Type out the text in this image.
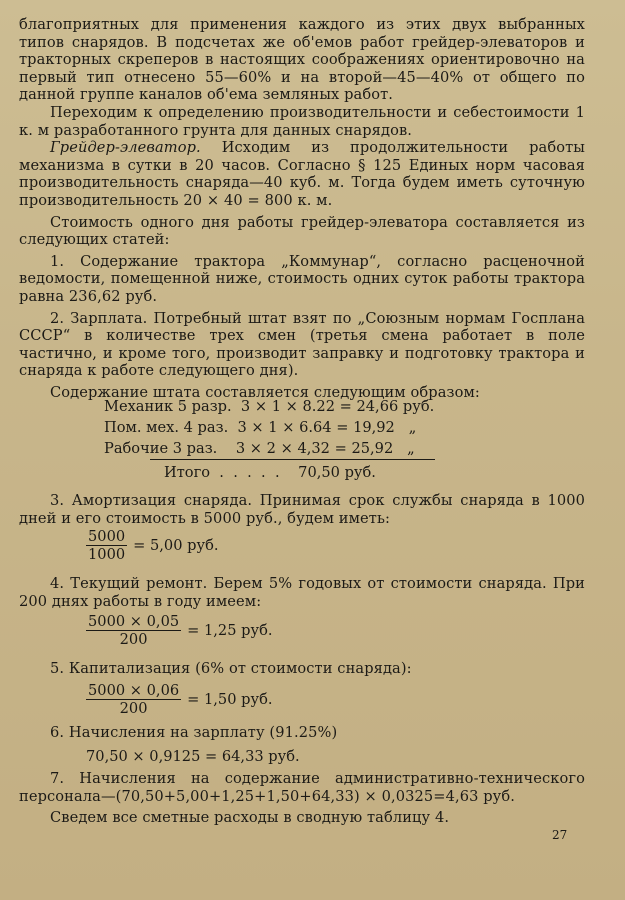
благоприятных для применения каждого из этих двух выбранных типов снарядов. В подсчетах же об'емов работ грейдер-элеваторов и тракторных скреперов в настоящих соображениях ориентировочно на первый тип отнесено 55—60% и на второй—45—40% от общего по данной группе каналов об'ема земляных работ.

Переходим к определению производительности и себестоимости 1 к. м разработанного грунта для данных снарядов.

Грейдер-элеватор. Исходим из продолжительности работы механизма в сутки в 20 часов. Согласно § 125 Единых норм часовая производительность снаряда—40 куб. м. Тогда будем иметь суточную производительность 20 × 40 = 800 к. м.

Стоимость одного дня работы грейдер-элеватора составляется из следующих статей:

1. Содержание трактора „Коммунар“, согласно расценочной ведомости, помещенной ниже, стоимость одних суток работы трактора равна 236,62 руб.

2. Зарплата. Потребный штат взят по „Союзным нормам Госплана СССР“ в количестве трех смен (третья смена работает в поле частично, и кроме того, производит заправку и подготовку трактора и снаряда к работе следующего дня).

Содержание штата составляется следующим образом:

Механик 5 разр.  3 × 1 × 8.22 = 24,66 руб.
Пом. мех. 4 раз.  3 × 1 × 6.64 = 19,92   „
Рабочие 3 раз.    3 × 2 × 4,32 = 25,92   „
Итого  .  .  .  .  .    70,50 руб.

3. Амортизация снаряда. Принимая срок службы снаряда в 1000 дней и его стоимость в 5000 руб., будем иметь:

$\frac{5000}{1000} = 5,00$ руб.

4. Текущий ремонт. Берем 5% годовых от стоимости снаряда. При 200 днях работы в году имеем:

$\frac{5000 \times 0,05}{200} = 1,25$ руб.

5. Капитализация (6% от стоимости снаряда):

$\frac{5000 \times 0,06}{200} = 1,50$ руб.

6. Начисления на зарплату (91.25%)

70,50 × 0,9125 = 64,33 руб.

7. Начисления на содержание административно-технического персонала—(70,50+5,00+1,25+1,50+64,33) × 0,0325=4,63 руб.

Сведем все сметные расходы в сводную таблицу 4.

27
